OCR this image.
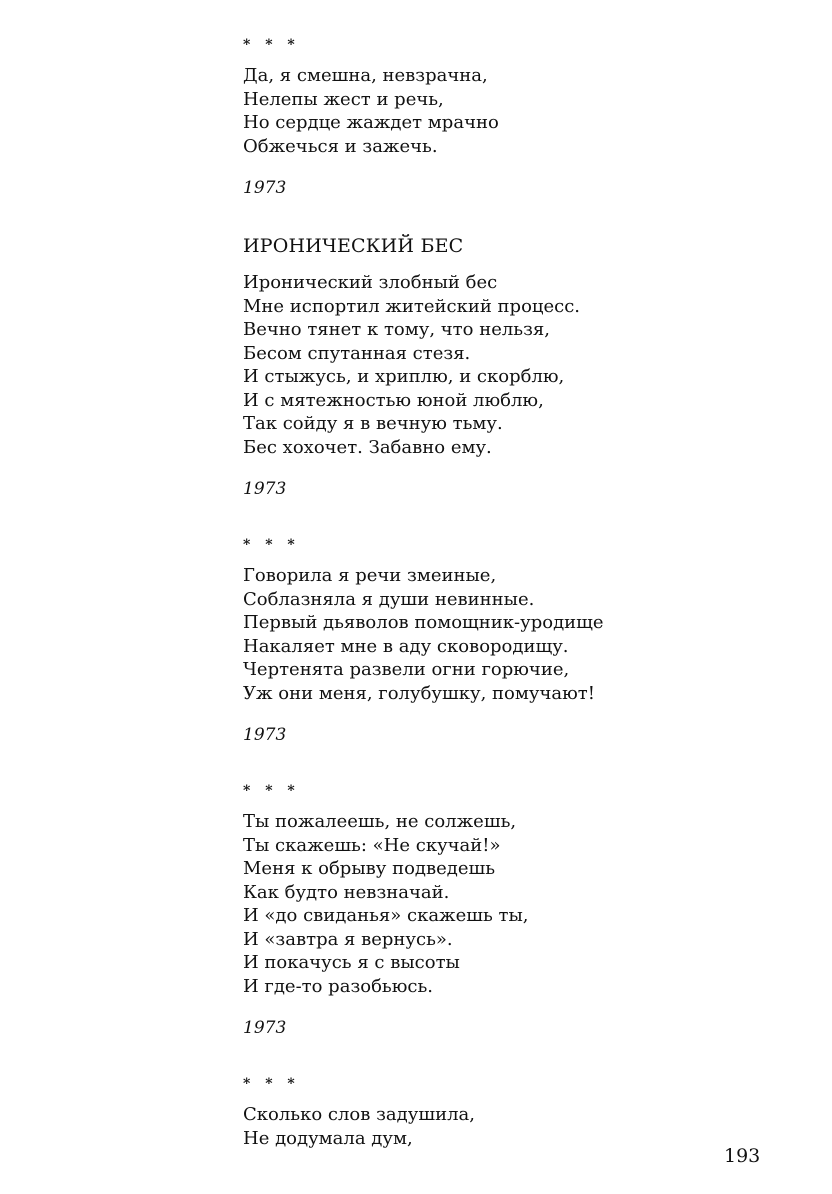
* * *
Да, я смешна, невзрачна,
Нелепы жест и речь,
Но сердце жаждет мрачно
Обжечься и зажечь.
1973
ИРОНИЧЕСКИЙ БЕС
Иронический злобный бес
Мне испортил житейский процесс.
Вечно тянет к тому, что нельзя,
Бесом спутанная стезя.
И стыжусь, и хриплю, и скорблю,
И с мятежностью юной люблю,
Так сойду я в вечную тьму.
Бес хохочет. Забавно ему.
1973
* * *
Говорила я речи змеиные,
Соблазняла я души невинные.
Первый дьяволов помощник-уродище
Накаляет мне в аду сковородищу.
Чертенята развели огни горючие,
Уж они меня, голубушку, помучают!
1973
* * *
Ты пожалеешь, не солжешь,
Ты скажешь: «Не скучай!»
Меня к обрыву подведешь
Как будто невзначай.
И «до свиданья» скажешь ты,
И «завтра я вернусь».
И покачусь я с высоты
И где-то разобьюсь.
1973
* * *
Сколько слов задушила,
Не додумала дум,
193
